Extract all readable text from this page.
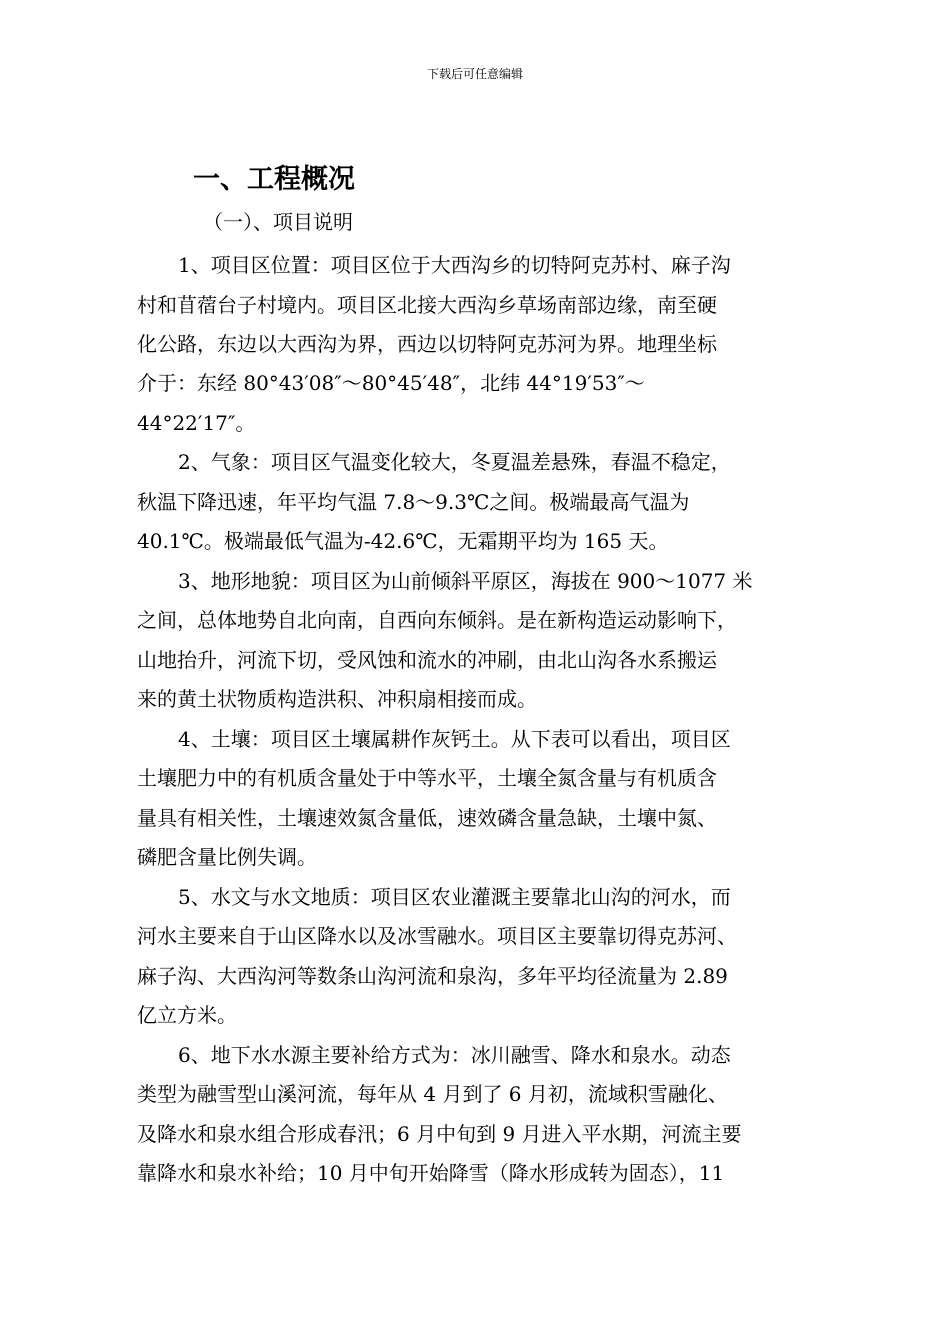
下载后可任意编辑
一、工程概况
（一）、项目说明
1、项目区位置：项目区位于大西沟乡的切特阿克苏村、麻子沟
村和苜蓿台子村境内。项目区北接大西沟乡草场南部边缘，南至硬
化公路，东边以大西沟为界，西边以切特阿克苏河为界。地理坐标
介于：东经 80°43′08″～80°45′48″，北纬 44°19′53″～
44°22′17″。
2、气象：项目区气温变化较大，冬夏温差悬殊，春温不稳定，
秋温下降迅速，年平均气温 7.8～9.3℃之间。极端最高气温为
40.1℃。极端最低气温为-42.6℃，无霜期平均为 165 天。
3、地形地貌：项目区为山前倾斜平原区，海拔在 900～1077 米
之间，总体地势自北向南，自西向东倾斜。是在新构造运动影响下，
山地抬升，河流下切，受风蚀和流水的冲刷，由北山沟各水系搬运
来的黄土状物质构造洪积、冲积扇相接而成。
4、土壤：项目区土壤属耕作灰钙土。从下表可以看出，项目区
土壤肥力中的有机质含量处于中等水平，土壤全氮含量与有机质含
量具有相关性，土壤速效氮含量低，速效磷含量急缺，土壤中氮、
磷肥含量比例失调。
5、水文与水文地质：项目区农业灌溉主要靠北山沟的河水，而
河水主要来自于山区降水以及冰雪融水。项目区主要靠切得克苏河、
麻子沟、大西沟河等数条山沟河流和泉沟，多年平均径流量为 2.89
亿立方米。
6、地下水水源主要补给方式为：冰川融雪、降水和泉水。动态
类型为融雪型山溪河流，每年从 4 月到了 6 月初，流域积雪融化、
及降水和泉水组合形成春汛；6 月中旬到 9 月进入平水期，河流主要
靠降水和泉水补给；10 月中旬开始降雪（降水形成转为固态），11
